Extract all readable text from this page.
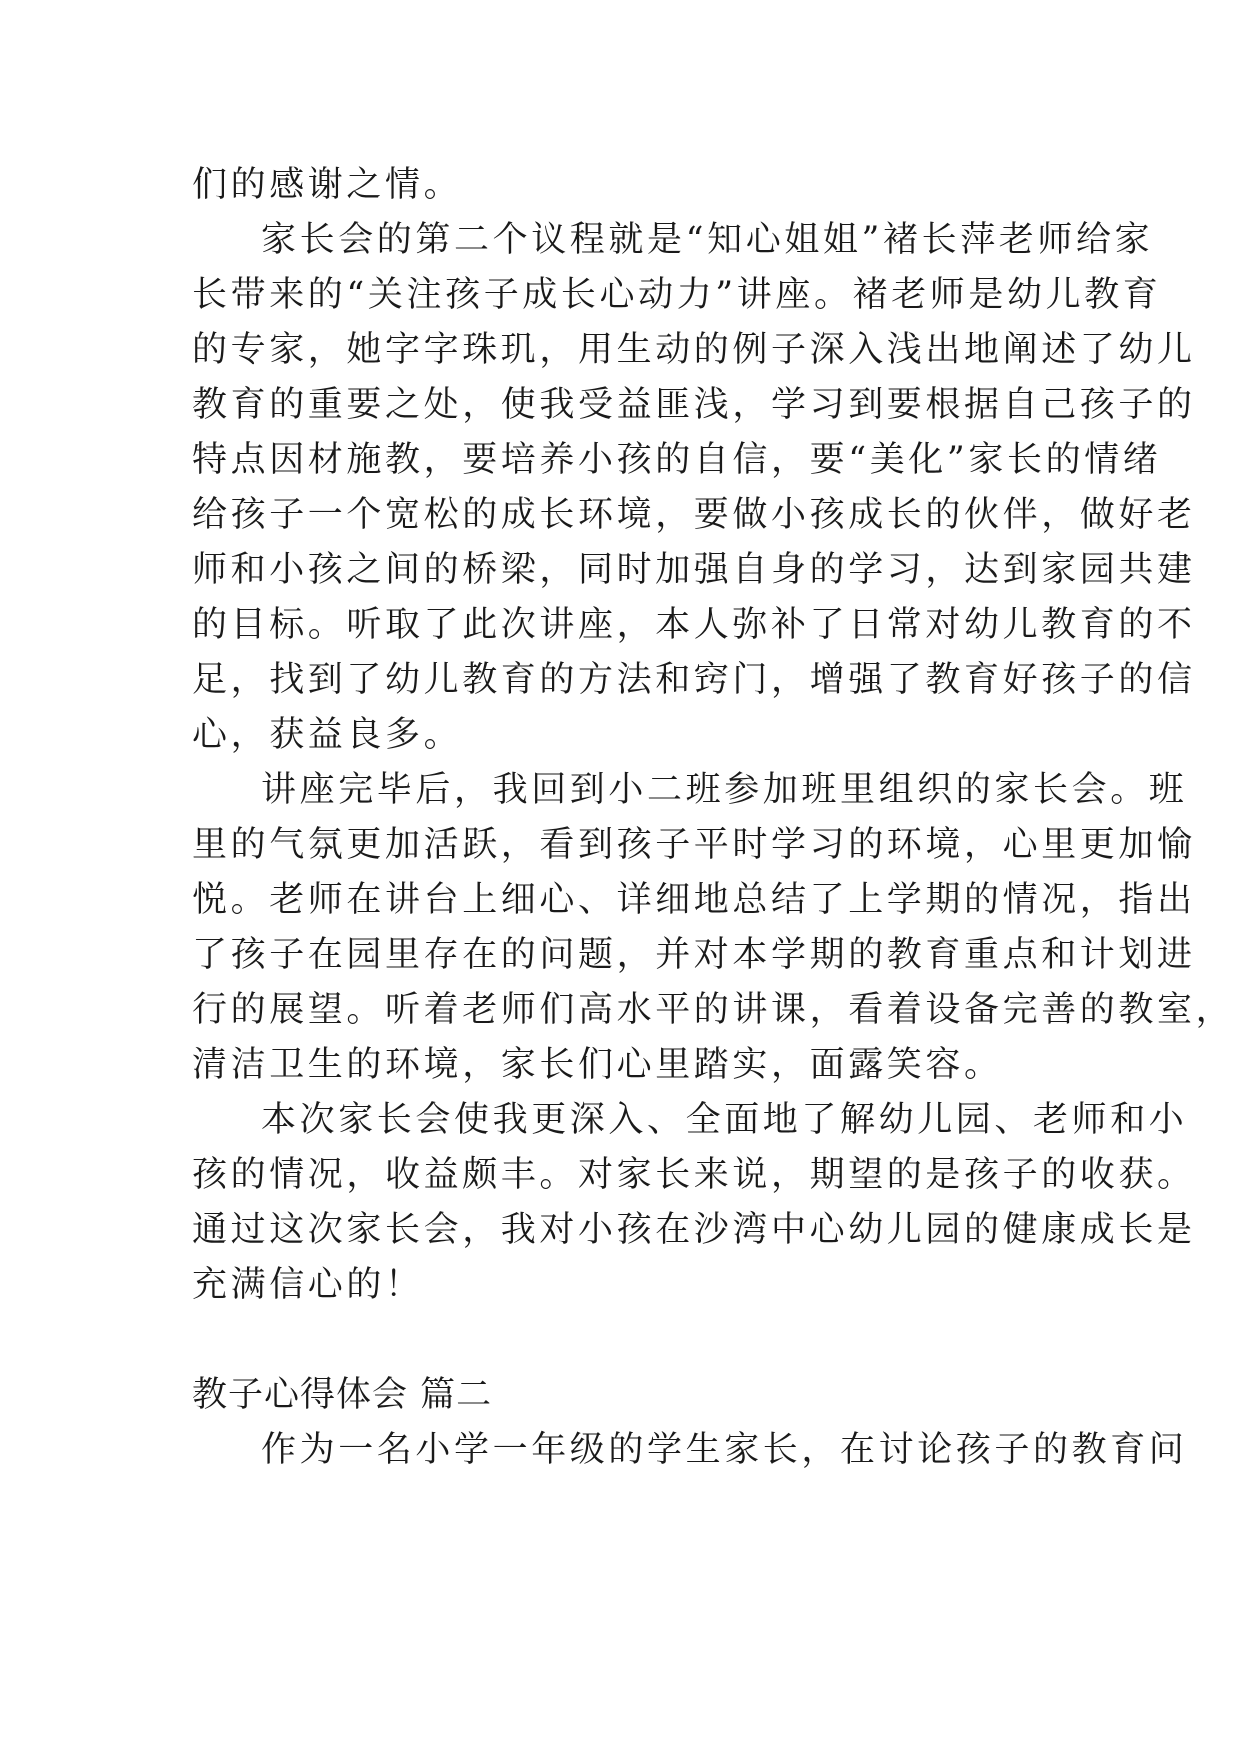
们的感谢之情。
家长会的第二个议程就是“知心姐姐”褚长萍老师给家
长带来的“关注孩子成长心动力”讲座。褚老师是幼儿教育
的专家，她字字珠玑，用生动的例子深入浅出地阐述了幼儿
教育的重要之处，使我受益匪浅，学习到要根据自己孩子的
特点因材施教，要培养小孩的自信，要“美化”家长的情绪
给孩子一个宽松的成长环境，要做小孩成长的伙伴，做好老
师和小孩之间的桥梁，同时加强自身的学习，达到家园共建
的目标。听取了此次讲座，本人弥补了日常对幼儿教育的不
足，找到了幼儿教育的方法和窍门，增强了教育好孩子的信
心，获益良多。
讲座完毕后，我回到小二班参加班里组织的家长会。班
里的气氛更加活跃，看到孩子平时学习的环境，心里更加愉
悦。老师在讲台上细心、详细地总结了上学期的情况，指出
了孩子在园里存在的问题，并对本学期的教育重点和计划进
行的展望。听着老师们高水平的讲课，看着设备完善的教室，
清洁卫生的环境，家长们心里踏实，面露笑容。
本次家长会使我更深入、全面地了解幼儿园、老师和小
孩的情况，收益颇丰。对家长来说，期望的是孩子的收获。
通过这次家长会，我对小孩在沙湾中心幼儿园的健康成长是
充满信心的！
教子心得体会 篇二
作为一名小学一年级的学生家长，在讨论孩子的教育问
